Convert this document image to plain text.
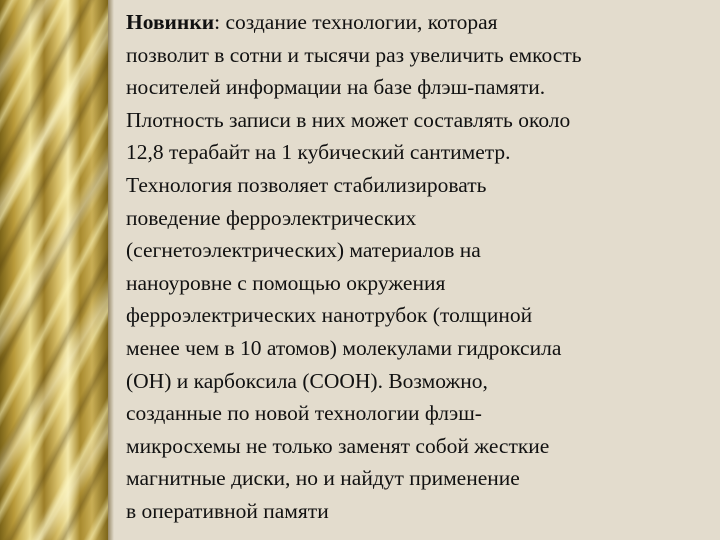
Новинки: создание технологии, которая
позволит в сотни и тысячи раз увеличить емкость
носителей информации на базе флэш-памяти.
Плотность записи в них может составлять около
12,8 терабайт на 1 кубический сантиметр.
Технология позволяет стабилизировать
поведение ферроэлектрических
(сегнетоэлектрических) материалов на
наноуровне с помощью окружения
ферроэлектрических нанотрубок (толщиной
менее чем в 10 атомов) молекулами гидроксила
(OH) и карбоксила (COOH). Возможно,
созданные по новой технологии флэш-
микросхемы не только заменят собой жесткие
магнитные диски, но и найдут применение
в оперативной памяти
